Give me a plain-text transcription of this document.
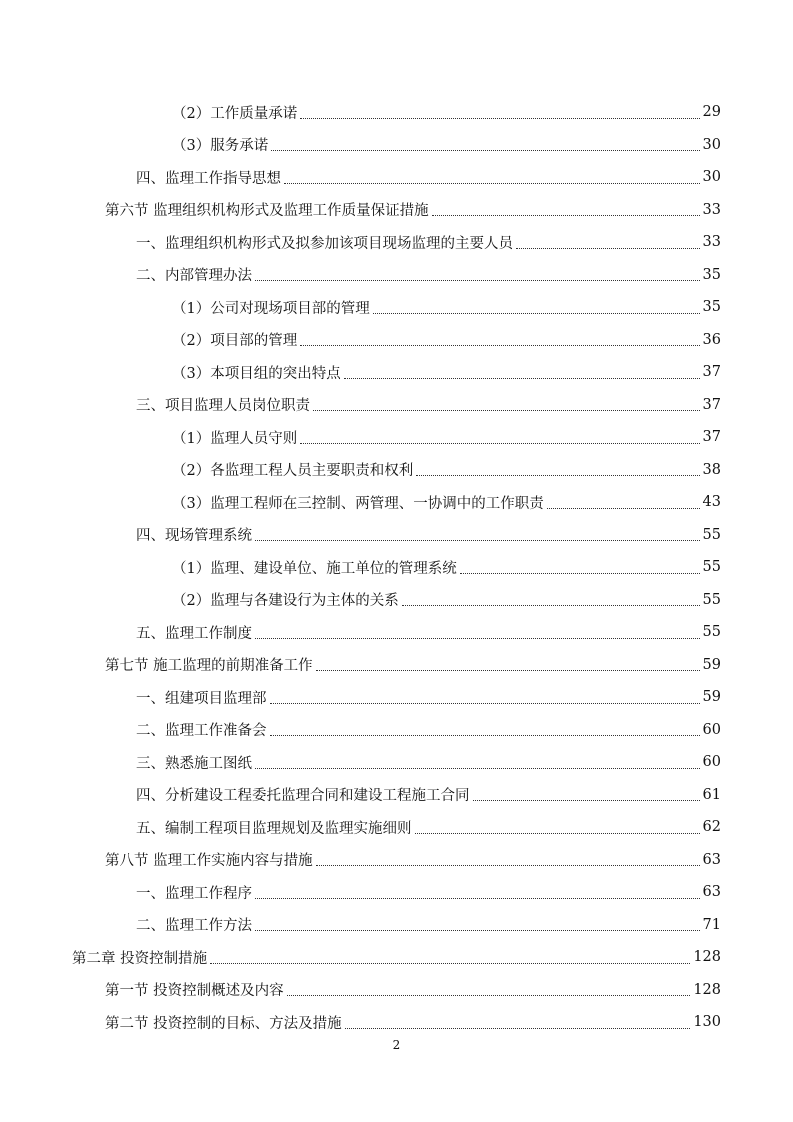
（2）工作质量承诺	29
（3）服务承诺	30
四、监理工作指导思想	30
第六节 监理组织机构形式及监理工作质量保证措施	33
一、监理组织机构形式及拟参加该项目现场监理的主要人员	33
二、内部管理办法	35
（1）公司对现场项目部的管理	35
（2）项目部的管理	36
（3）本项目组的突出特点	37
三、项目监理人员岗位职责	37
（1）监理人员守则	37
（2）各监理工程人员主要职责和权利	38
（3）监理工程师在三控制、两管理、一协调中的工作职责	43
四、现场管理系统	55
（1）监理、建设单位、施工单位的管理系统	55
（2）监理与各建设行为主体的关系	55
五、监理工作制度	55
第七节 施工监理的前期准备工作	59
一、组建项目监理部	59
二、监理工作准备会	60
三、熟悉施工图纸	60
四、分析建设工程委托监理合同和建设工程施工合同	61
五、编制工程项目监理规划及监理实施细则	62
第八节 监理工作实施内容与措施	63
一、监理工作程序	63
二、监理工作方法	71
第二章 投资控制措施	128
第一节 投资控制概述及内容	128
第二节 投资控制的目标、方法及措施	130
2
